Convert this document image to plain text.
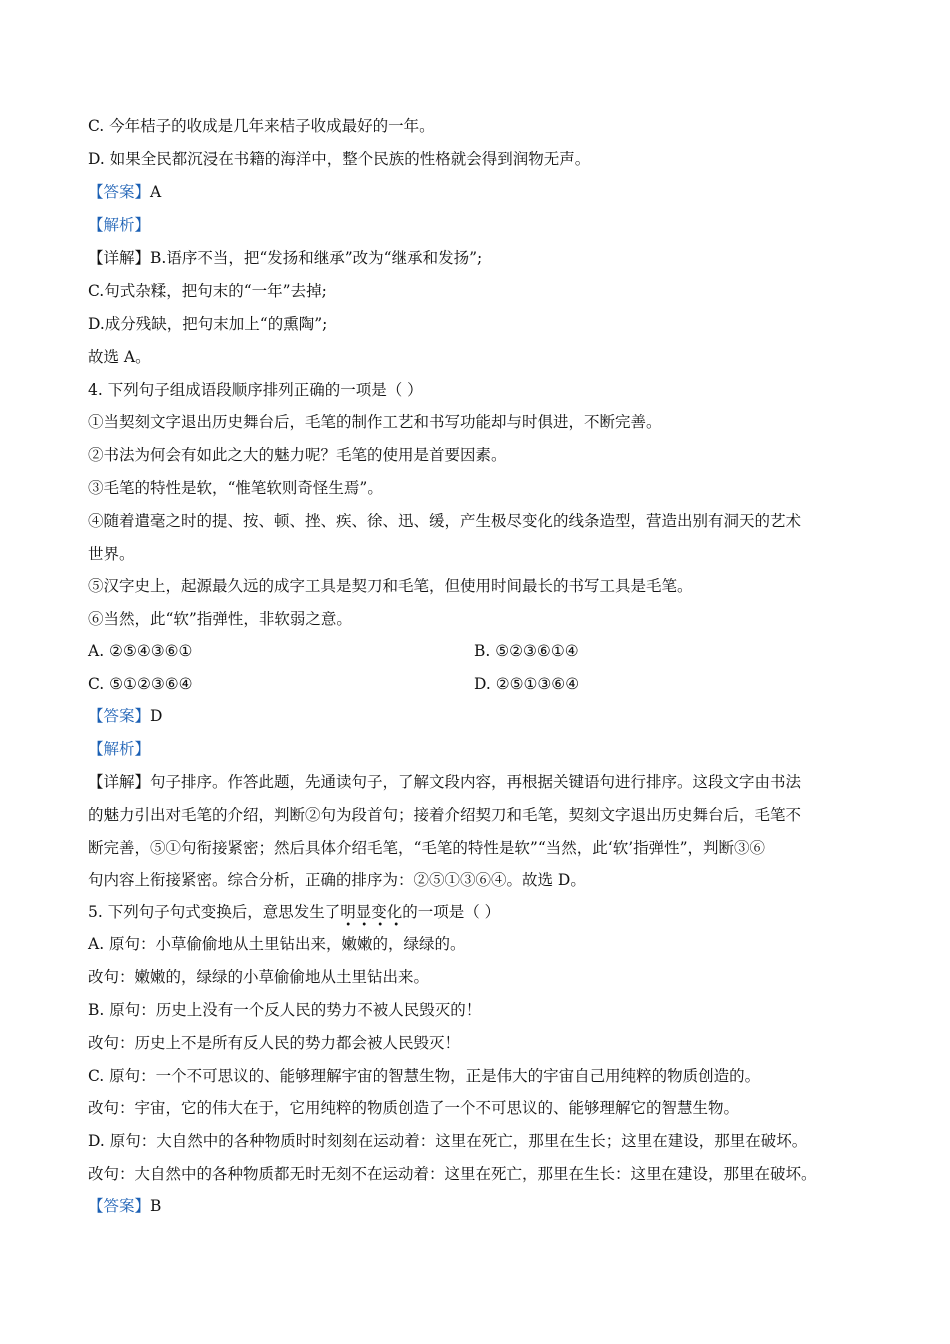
C. 今年桔子的收成是几年来桔子收成最好的一年。
D. 如果全民都沉浸在书籍的海洋中，整个民族的性格就会得到润物无声。
【答案】A
【解析】
【详解】B.语序不当，把“发扬和继承”改为“继承和发扬”;
C.句式杂糅，把句末的“一年”去掉;
D.成分残缺，把句末加上“的熏陶”;
故选 A。
4. 下列句子组成语段顺序排列正确的一项是（ ）
①当契刻文字退出历史舞台后，毛笔的制作工艺和书写功能却与时俱进，不断完善。
②书法为何会有如此之大的魅力呢？毛笔的使用是首要因素。
③毛笔的特性是软，“惟笔软则奇怪生焉”。
④随着遣毫之时的提、按、顿、挫、疾、徐、迅、缓，产生极尽变化的线条造型，营造出别有洞天的艺术
世界。
⑤汉字史上，起源最久远的成字工具是契刀和毛笔，但使用时间最长的书写工具是毛笔。
⑥当然，此“软”指弹性，非软弱之意。
A. ②⑤④③⑥①	B. ⑤②③⑥①④
C. ⑤①②③⑥④	D. ②⑤①③⑥④
【答案】D
【解析】
【详解】句子排序。作答此题，先通读句子，了解文段内容，再根据关键语句进行排序。这段文字由书法
的魅力引出对毛笔的介绍，判断②句为段首句；接着介绍契刀和毛笔，契刻文字退出历史舞台后，毛笔不
断完善，⑤①句衔接紧密；然后具体介绍毛笔，“毛笔的特性是软”“当然，此‘软’指弹性”，判断③⑥
句内容上衔接紧密。综合分析，正确的排序为：②⑤①③⑥④。故选 D。
5. 下列句子句式变换后，意思发生了明显变化
• • • •
的一项是（ ）
A. 原句：小草偷偷地从土里钻出来，嫩嫩的，绿绿的。
改句：嫩嫩的，绿绿的小草偷偷地从土里钻出来。
B. 原句：历史上没有一个反人民的势力不被人民毁灭的！
改句：历史上不是所有反人民的势力都会被人民毁灭！
C. 原句：一个不可思议的、能够理解宇宙的智慧生物，正是伟大的宇宙自己用纯粹的物质创造的。
改句：宇宙，它的伟大在于，它用纯粹的物质创造了一个不可思议的、能够理解它的智慧生物。
D. 原句：大自然中的各种物质时时刻刻在运动着：这里在死亡，那里在生长；这里在建设，那里在破坏。
改句：大自然中的各种物质都无时无刻不在运动着：这里在死亡，那里在生长：这里在建设，那里在破坏。
【答案】B
